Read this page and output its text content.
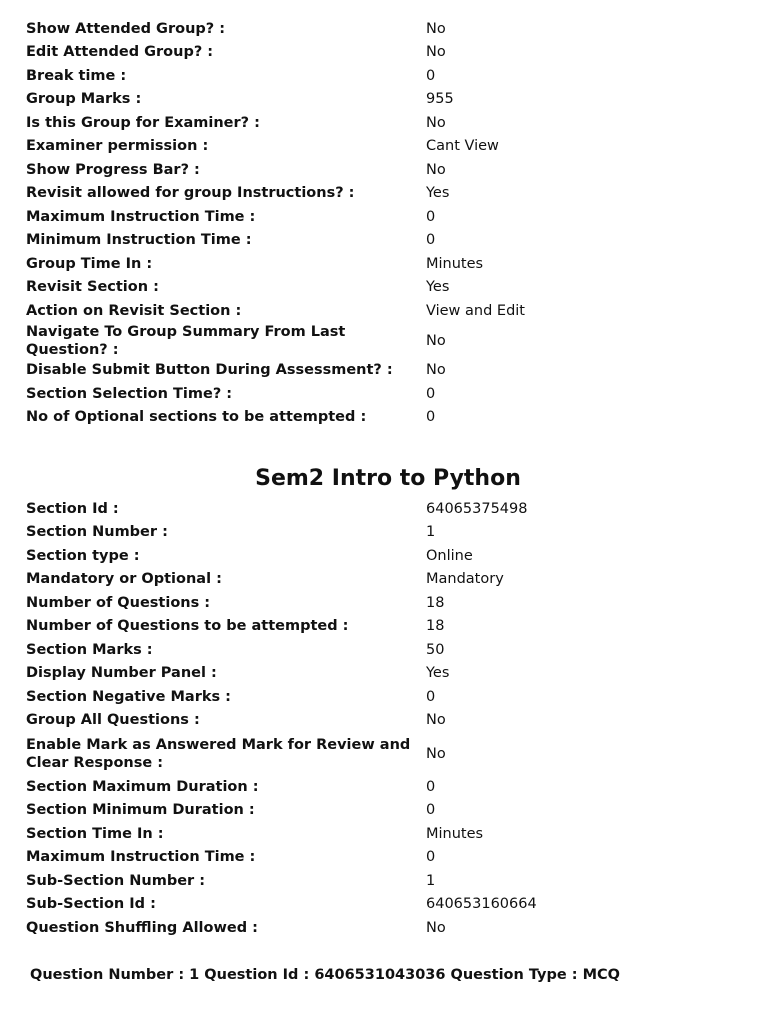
Show Attended Group? :	No
Edit Attended Group? :	No
Break time :	0
Group Marks :	955
Is this Group for Examiner? :	No
Examiner permission :	Cant View
Show Progress Bar? :	No
Revisit allowed for group Instructions? :	Yes
Maximum Instruction Time :	0
Minimum Instruction Time :	0
Group Time In :	Minutes
Revisit Section :	Yes
Action on Revisit Section :	View and Edit
Navigate To Group Summary From Last Question? :	No
Disable Submit Button During Assessment? :	No
Section Selection Time? :	0
No of Optional sections to be attempted :	0
Sem2 Intro to Python
Section Id :	64065375498
Section Number :	1
Section type :	Online
Mandatory or Optional :	Mandatory
Number of Questions :	18
Number of Questions to be attempted :	18
Section Marks :	50
Display Number Panel :	Yes
Section Negative Marks :	0
Group All Questions :	No
Enable Mark as Answered Mark for Review and Clear Response :	No
Section Maximum Duration :	0
Section Minimum Duration :	0
Section Time In :	Minutes
Maximum Instruction Time :	0
Sub-Section Number :	1
Sub-Section Id :	640653160664
Question Shuffling Allowed :	No
Question Number : 1 Question Id : 6406531043036 Question Type : MCQ
